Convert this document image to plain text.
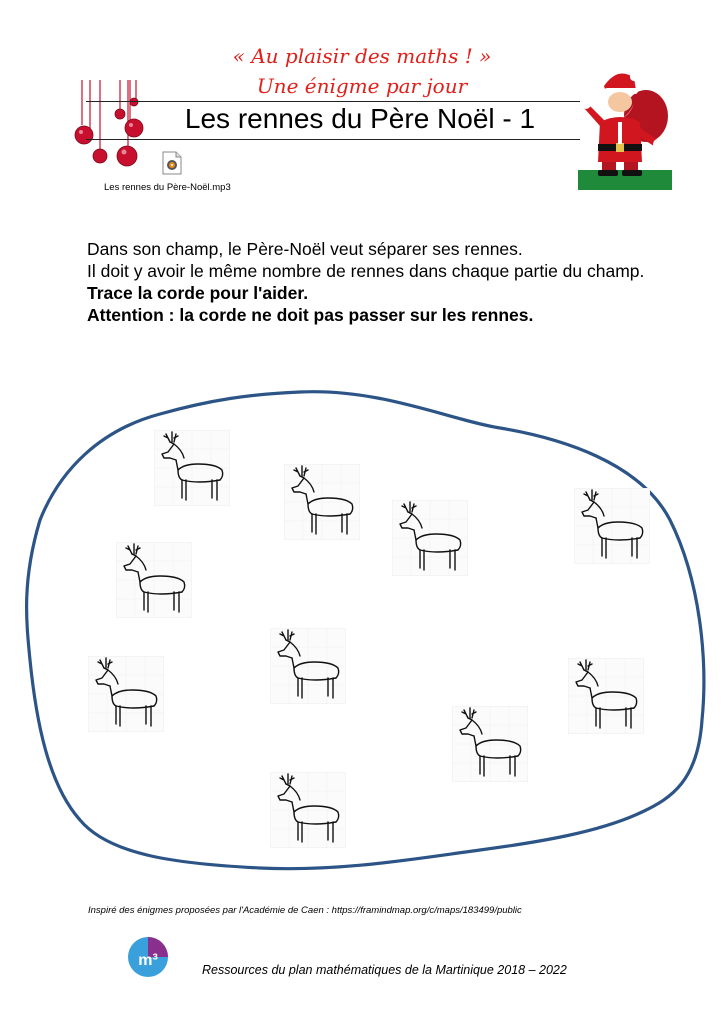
« Au plaisir des maths ! »
Une énigme par jour
Les rennes du Père Noël - 1
Les rennes du Père-Noël.mp3
Dans son champ, le Père-Noël veut séparer ses rennes.
Il doit y avoir le même nombre de rennes dans chaque partie du champ.
Trace la corde pour l'aider.
Attention : la corde ne doit pas passer sur les rennes.
Inspiré des énigmes proposées par l'Académie de Caen : https://framindmap.org/c/maps/183499/public
m³
Ressources du plan mathématiques de la Martinique 2018 – 2022
